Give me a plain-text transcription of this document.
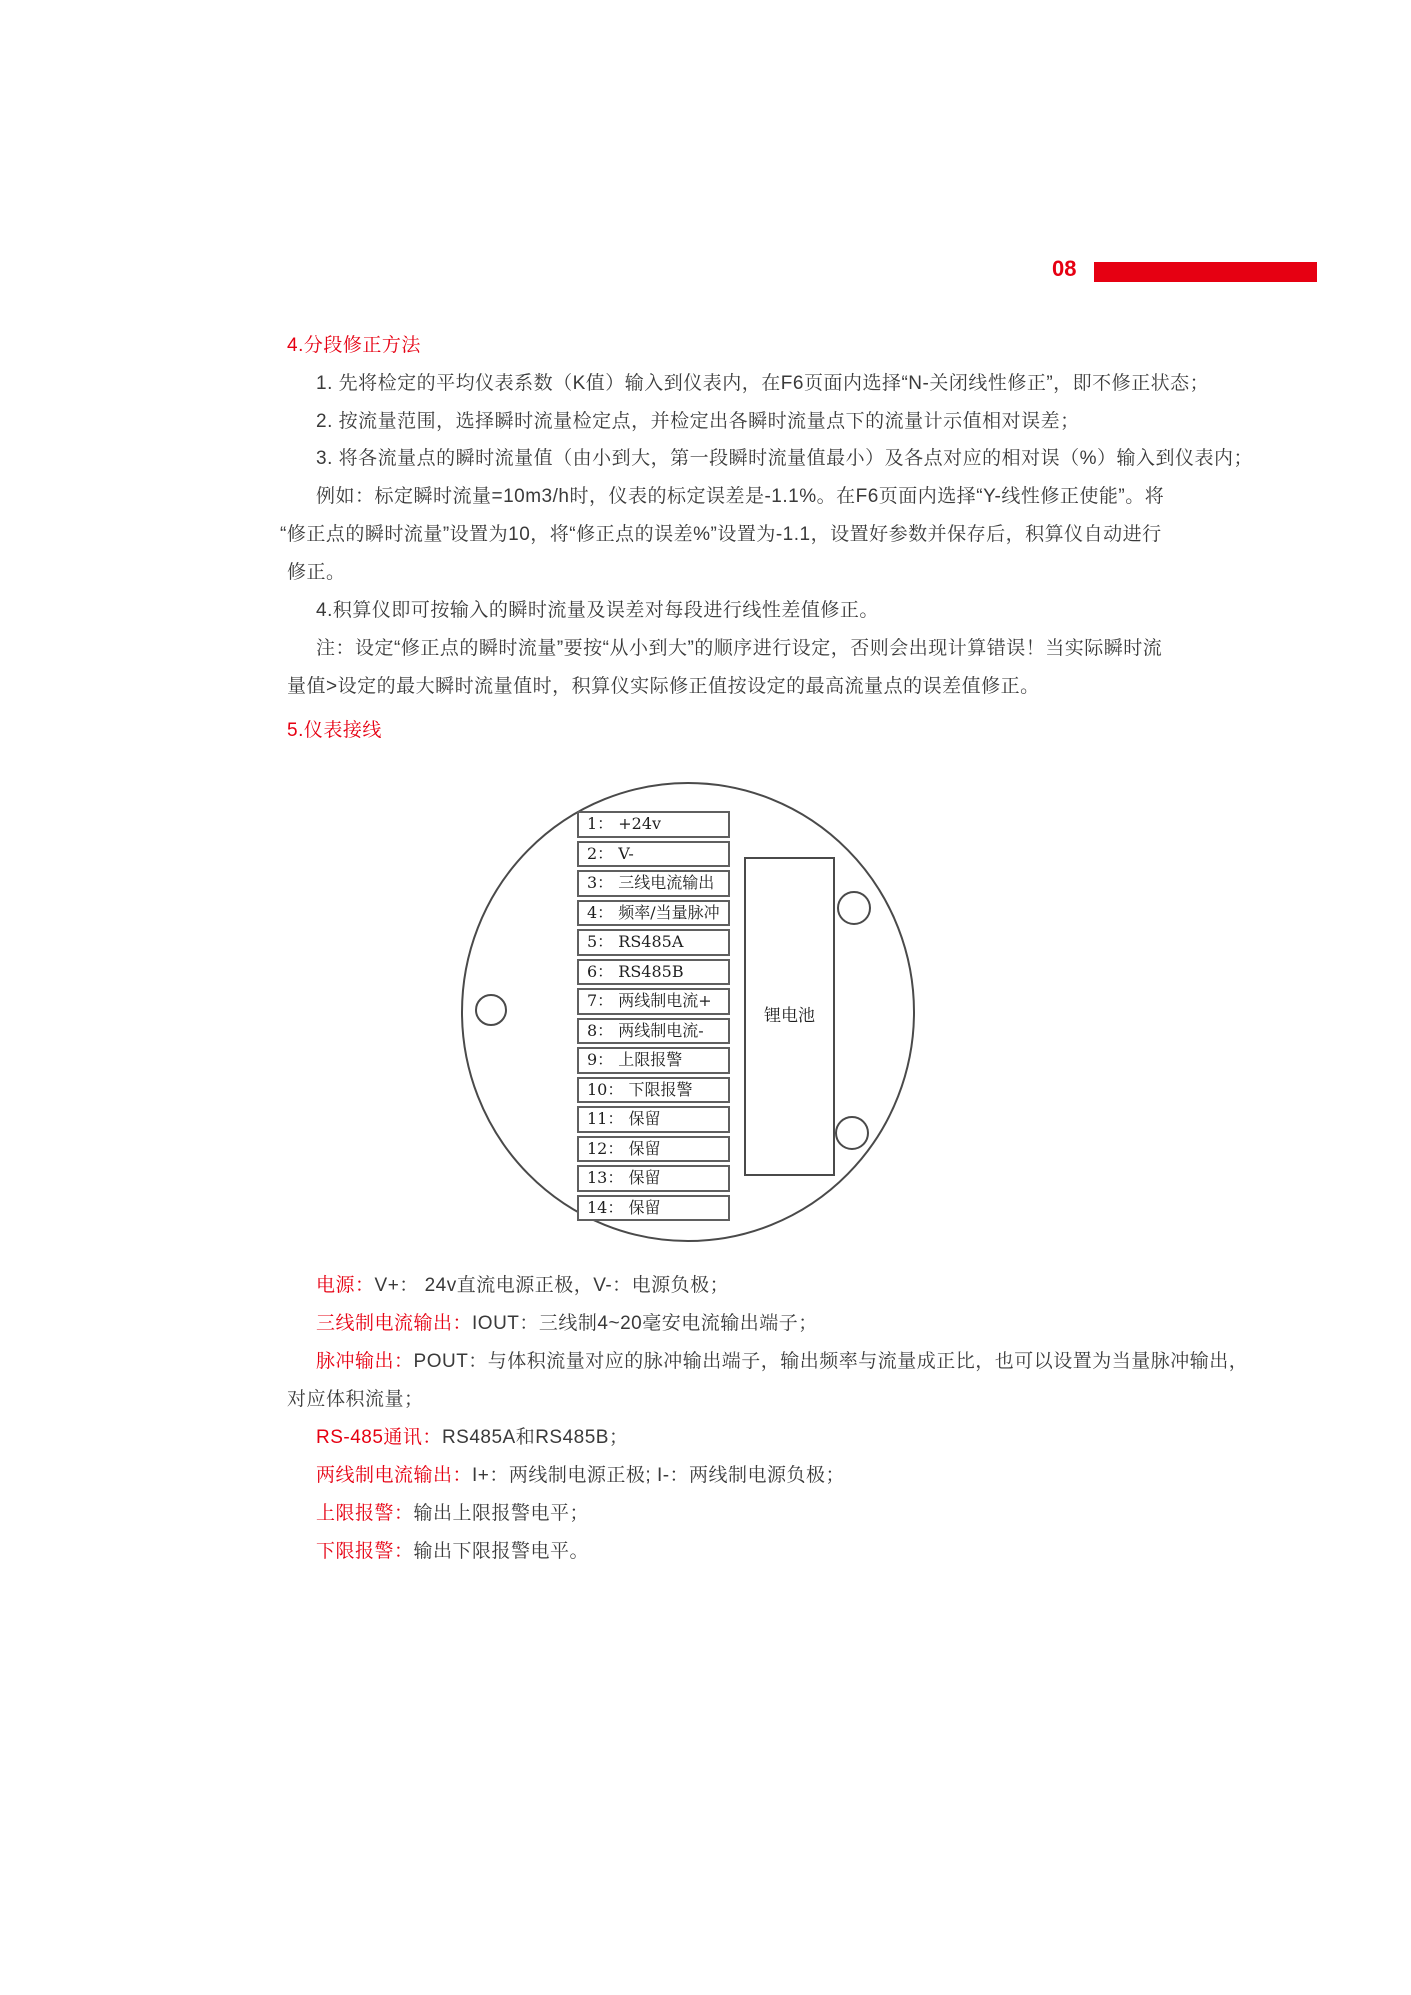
08
4.分段修正方法
1. 先将检定的平均仪表系数（K值）输入到仪表内，在F6页面内选择“N-关闭线性修正”，即不修正状态；
2. 按流量范围，选择瞬时流量检定点，并检定出各瞬时流量点下的流量计示值相对误差；
3. 将各流量点的瞬时流量值（由小到大，第一段瞬时流量值最小）及各点对应的相对误（%）输入到仪表内；
例如：标定瞬时流量=10m3/h时，仪表的标定误差是-1.1%。在F6页面内选择“Y-线性修正使能”。将
“修正点的瞬时流量”设置为10，将“修正点的误差%”设置为-1.1，设置好参数并保存后，积算仪自动进行
修正。
4.积算仪即可按输入的瞬时流量及误差对每段进行线性差值修正。
注：设定“修正点的瞬时流量”要按“从小到大”的顺序进行设定，否则会出现计算错误！当实际瞬时流
量值>设定的最大瞬时流量值时，积算仪实际修正值按设定的最高流量点的误差值修正。
5.仪表接线
锂电池
1： +24v
2： V-
3： 三线电流输出
4： 频率/当量脉冲
5： RS485A
6： RS485B
7： 两线制电流+
8： 两线制电流-
9： 上限报警
10： 下限报警
11： 保留
12： 保留
13： 保留
14： 保留
电源：V+： 24v直流电源正极，V-：电源负极；
三线制电流输出：IOUT：三线制4~20毫安电流输出端子；
脉冲输出：POUT：与体积流量对应的脉冲输出端子，输出频率与流量成正比，也可以设置为当量脉冲输出，
对应体积流量；
RS-485通讯：RS485A和RS485B；
两线制电流输出：I+：两线制电源正极; I-：两线制电源负极；
上限报警：输出上限报警电平；
下限报警：输出下限报警电平。
